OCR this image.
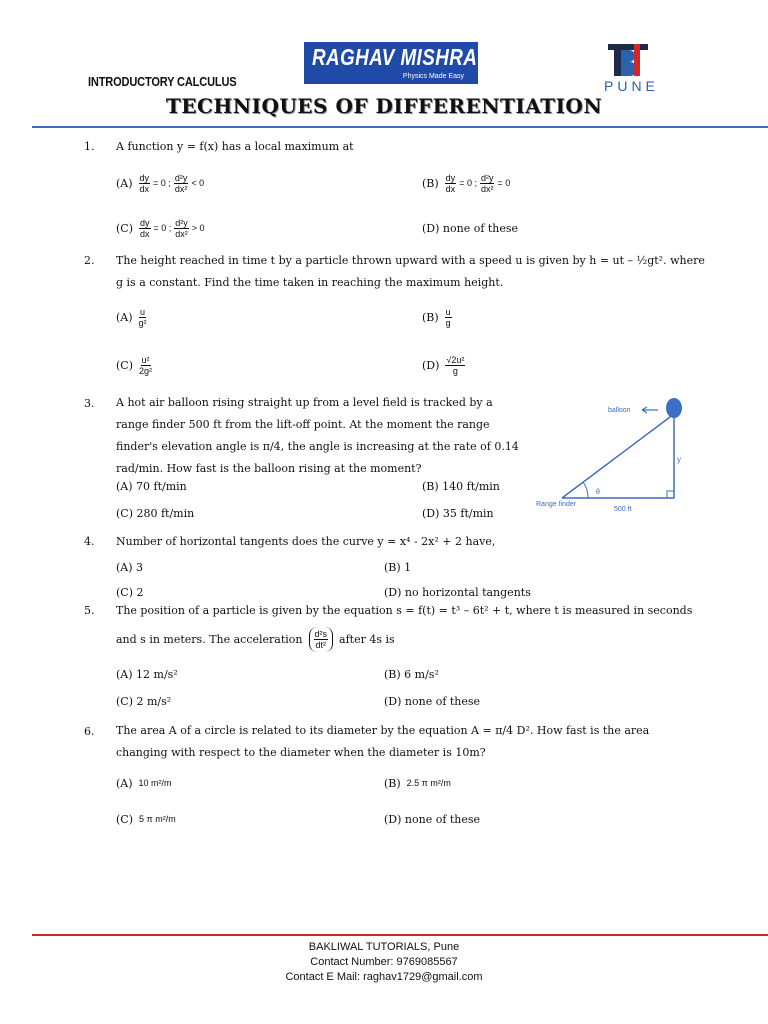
INTRODUCTORY CALCULUS
RAGHAV MISHRA
Physics Made Easy
PUNE
TECHNIQUES OF DIFFERENTIATION
1. A function y = f(x) has a local maximum at
$(A) \frac{dy}{dx} = 0$ ; $\frac{\text{d²y}}{\text{dx²}} < 0$	$(B) \frac{dy}{dx} = 0$ ; $\frac{\text{d²y}}{\text{dx²}} = 0$
$(C) \frac{dy}{dx} = 0$ ; $\frac{\text{d²y}}{\text{dx²}} > 0$	(D) none of these
2. The height reached in time t by a particle thrown upward with a speed u is given by h = ut – ½gt². where g is a constant. Find the time taken in reaching the maximum height.
$(A) \frac{u}{\text{g²}}$	$(B) \frac{u}{g}$
$(C) \frac{\text{u²}}{\text{2g²}}$	$(D) \frac{\text{√2u²}}{g}$
3. A hot air balloon rising straight up from a level field is tracked by a range finder 500 ft from the lift-off point. At the moment the range finder's elevation angle is π/4, the angle is increasing at the rate of 0.14 rad/min. How fast is the balloon rising at the moment?
(A) 70 ft/min	(B) 140 ft/min
(C) 280 ft/min	(D) 35 ft/min
balloon
y
θ
Range finder
500 ft
4. Number of horizontal tangents does the curve y = x⁴ - 2x² + 2 have,
(A) 3	(B) 1
(C) 2	(D) no horizontal tangents
5. The position of a particle is given by the equation s = f(t) = t³ – 6t² + t, where t is measured in seconds
and s in meters. The acceleration $\frac{\text{d²s}}{\text{dt²}}$ after 4s is
(A) 12 m/s²	(B) 6 m/s²
(C) 2 m/s²	(D) none of these
6. The area A of a circle is related to its diameter by the equation A = π/4 D². How fast is the area changing with respect to the diameter when the diameter is 10m?
(A) 10 m²/m	(B) 2.5 π m²/m
(C) 5 π m²/m	(D) none of these
BAKLIWAL TUTORIALS, Pune
Contact Number: 9769085567
Contact E Mail: raghav1729@gmail.com
